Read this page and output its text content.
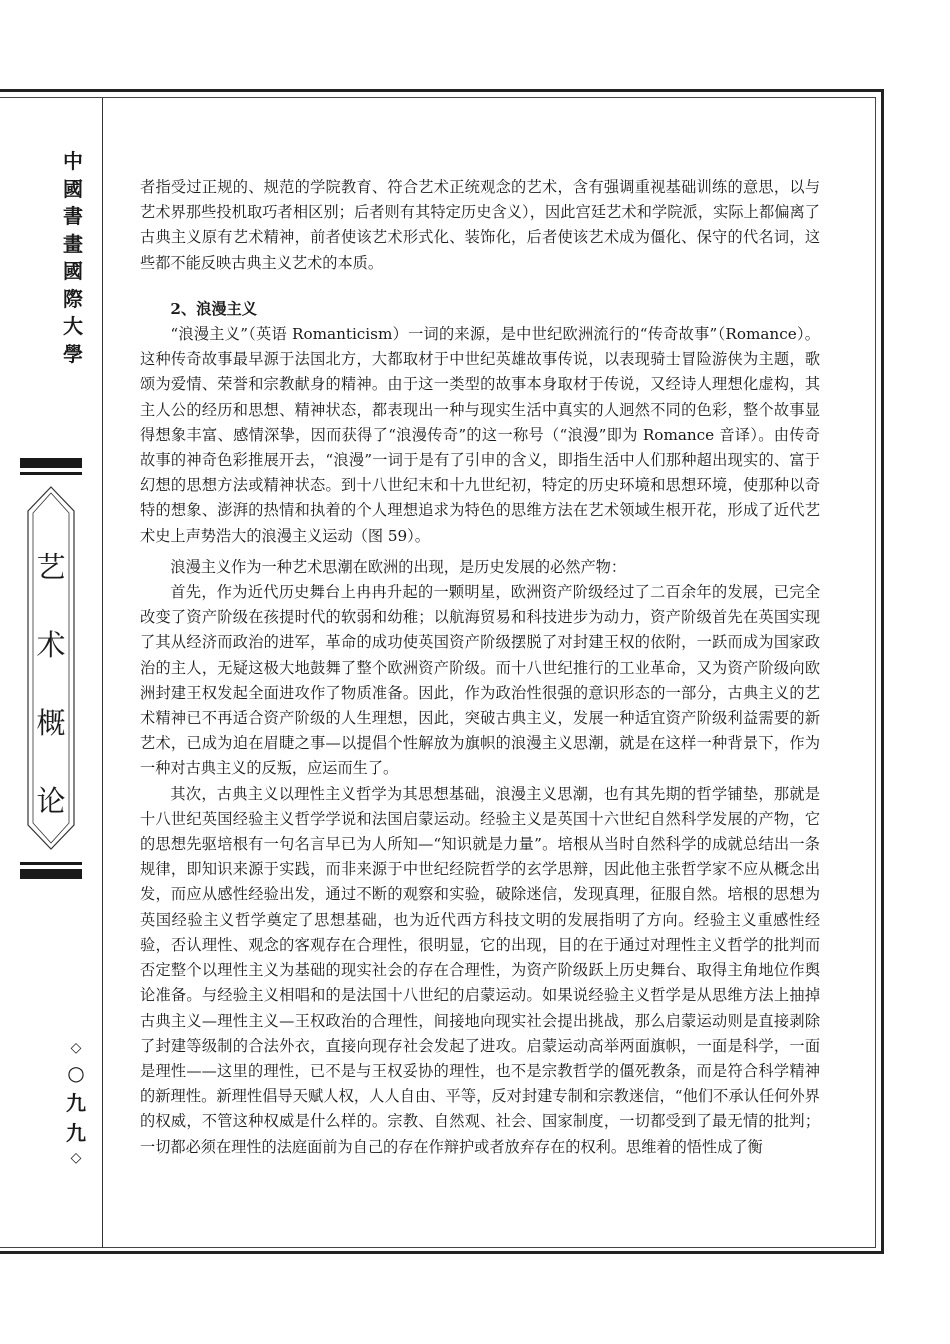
中
國
書
畫
國
際
大
學
艺
术
概
论
◇
○
九
九
◇

者指受过正规的、规范的学院教育、符合艺术正统观念的艺术，含有强调重视基础训练的意思，以与艺术界那些投机取巧者相区别；后者则有其特定历史含义），因此宫廷艺术和学院派，实际上都偏离了古典主义原有艺术精神，前者使该艺术形式化、装饰化，后者使该艺术成为僵化、保守的代名词，这些都不能反映古典主义艺术的本质。

2、浪漫主义

“浪漫主义”（英语 Romanticism）一词的来源，是中世纪欧洲流行的“传奇故事”（Romance）。这种传奇故事最早源于法国北方，大都取材于中世纪英雄故事传说，以表现骑士冒险游侠为主题，歌颂为爱情、荣誉和宗教献身的精神。由于这一类型的故事本身取材于传说，又经诗人理想化虚构，其主人公的经历和思想、精神状态，都表现出一种与现实生活中真实的人迥然不同的色彩，整个故事显得想象丰富、感情深挚，因而获得了“浪漫传奇”的这一称号（“浪漫”即为 Romance 音译）。由传奇故事的神奇色彩推展开去，“浪漫”一词于是有了引申的含义，即指生活中人们那种超出现实的、富于幻想的思想方法或精神状态。到十八世纪末和十九世纪初，特定的历史环境和思想环境，使那种以奇特的想象、澎湃的热情和执着的个人理想追求为特色的思维方法在艺术领域生根开花，形成了近代艺术史上声势浩大的浪漫主义运动（图 59）。

浪漫主义作为一种艺术思潮在欧洲的出现，是历史发展的必然产物：

首先，作为近代历史舞台上冉冉升起的一颗明星，欧洲资产阶级经过了二百余年的发展，已完全改变了资产阶级在孩提时代的软弱和幼稚；以航海贸易和科技进步为动力，资产阶级首先在英国实现了其从经济而政治的进军，革命的成功使英国资产阶级摆脱了对封建王权的依附，一跃而成为国家政治的主人，无疑这极大地鼓舞了整个欧洲资产阶级。而十八世纪推行的工业革命，又为资产阶级向欧洲封建王权发起全面进攻作了物质准备。因此，作为政治性很强的意识形态的一部分，古典主义的艺术精神已不再适合资产阶级的人生理想，因此，突破古典主义，发展一种适宜资产阶级利益需要的新艺术，已成为迫在眉睫之事—以提倡个性解放为旗帜的浪漫主义思潮，就是在这样一种背景下，作为一种对古典主义的反叛，应运而生了。

其次，古典主义以理性主义哲学为其思想基础，浪漫主义思潮，也有其先期的哲学铺垫，那就是十八世纪英国经验主义哲学学说和法国启蒙运动。经验主义是英国十六世纪自然科学发展的产物，它的思想先驱培根有一句名言早已为人所知—“知识就是力量”。培根从当时自然科学的成就总结出一条规律，即知识来源于实践，而非来源于中世纪经院哲学的玄学思辩，因此他主张哲学家不应从概念出发，而应从感性经验出发，通过不断的观察和实验，破除迷信，发现真理，征服自然。培根的思想为英国经验主义哲学奠定了思想基础，也为近代西方科技文明的发展指明了方向。经验主义重感性经验，否认理性、观念的客观存在合理性，很明显，它的出现，目的在于通过对理性主义哲学的批判而否定整个以理性主义为基础的现实社会的存在合理性，为资产阶级跃上历史舞台、取得主角地位作舆论准备。与经验主义相唱和的是法国十八世纪的启蒙运动。如果说经验主义哲学是从思维方法上抽掉古典主义—理性主义—王权政治的合理性，间接地向现实社会提出挑战，那么启蒙运动则是直接剥除了封建等级制的合法外衣，直接向现存社会发起了进攻。启蒙运动高举两面旗帜，一面是科学，一面是理性——这里的理性，已不是与王权妥协的理性，也不是宗教哲学的僵死教条，而是符合科学精神的新理性。新理性倡导天赋人权，人人自由、平等，反对封建专制和宗教迷信，“他们不承认任何外界的权威，不管这种权威是什么样的。宗教、自然观、社会、国家制度，一切都受到了最无情的批判；一切都必须在理性的法庭面前为自己的存在作辩护或者放弃存在的权利。思维着的悟性成了衡
